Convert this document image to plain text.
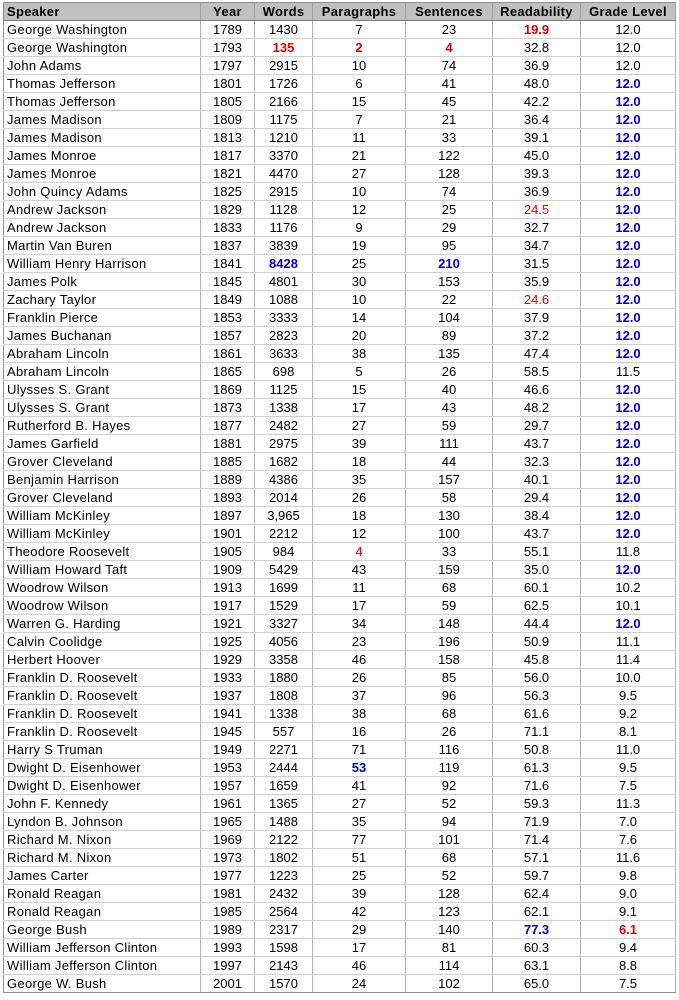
Speaker	Year	Words	Paragraphs	Sentences	Readability	Grade Level
George Washington	1789	1430	7	23	19.9	12.0
George Washington	1793	135	2	4	32.8	12.0
John Adams	1797	2915	10	74	36.9	12.0
Thomas Jefferson	1801	1726	6	41	48.0	12.0
Thomas Jefferson	1805	2166	15	45	42.2	12.0
James Madison	1809	1175	7	21	36.4	12.0
James Madison	1813	1210	11	33	39.1	12.0
James Monroe	1817	3370	21	122	45.0	12.0
James Monroe	1821	4470	27	128	39.3	12.0
John Quincy Adams	1825	2915	10	74	36.9	12.0
Andrew Jackson	1829	1128	12	25	24.5	12.0
Andrew Jackson	1833	1176	9	29	32.7	12.0
Martin Van Buren	1837	3839	19	95	34.7	12.0
William Henry Harrison	1841	8428	25	210	31.5	12.0
James Polk	1845	4801	30	153	35.9	12.0
Zachary Taylor	1849	1088	10	22	24.6	12.0
Franklin Pierce	1853	3333	14	104	37.9	12.0
James Buchanan	1857	2823	20	89	37.2	12.0
Abraham Lincoln	1861	3633	38	135	47.4	12.0
Abraham Lincoln	1865	698	5	26	58.5	11.5
Ulysses S. Grant	1869	1125	15	40	46.6	12.0
Ulysses S. Grant	1873	1338	17	43	48.2	12.0
Rutherford B. Hayes	1877	2482	27	59	29.7	12.0
James Garfield	1881	2975	39	111	43.7	12.0
Grover Cleveland	1885	1682	18	44	32.3	12.0
Benjamin Harrison	1889	4386	35	157	40.1	12.0
Grover Cleveland	1893	2014	26	58	29.4	12.0
William McKinley	1897	3,965	18	130	38.4	12.0
William McKinley	1901	2212	12	100	43.7	12.0
Theodore Roosevelt	1905	984	4	33	55.1	11.8
William Howard Taft	1909	5429	43	159	35.0	12.0
Woodrow Wilson	1913	1699	11	68	60.1	10.2
Woodrow Wilson	1917	1529	17	59	62.5	10.1
Warren G. Harding	1921	3327	34	148	44.4	12.0
Calvin Coolidge	1925	4056	23	196	50.9	11.1
Herbert Hoover	1929	3358	46	158	45.8	11.4
Franklin D. Roosevelt	1933	1880	26	85	56.0	10.0
Franklin D. Roosevelt	1937	1808	37	96	56.3	9.5
Franklin D. Roosevelt	1941	1338	38	68	61.6	9.2
Franklin D. Roosevelt	1945	557	16	26	71.1	8.1
Harry S Truman	1949	2271	71	116	50.8	11.0
Dwight D. Eisenhower	1953	2444	53	119	61.3	9.5
Dwight D. Eisenhower	1957	1659	41	92	71.6	7.5
John F. Kennedy	1961	1365	27	52	59.3	11.3
Lyndon B. Johnson	1965	1488	35	94	71.9	7.0
Richard M. Nixon	1969	2122	77	101	71.4	7.6
Richard M. Nixon	1973	1802	51	68	57.1	11.6
James Carter	1977	1223	25	52	59.7	9.8
Ronald Reagan	1981	2432	39	128	62.4	9.0
Ronald Reagan	1985	2564	42	123	62.1	9.1
George Bush	1989	2317	29	140	77.3	6.1
William Jefferson Clinton	1993	1598	17	81	60.3	9.4
William Jefferson Clinton	1997	2143	46	114	63.1	8.8
George W. Bush	2001	1570	24	102	65.0	7.5
